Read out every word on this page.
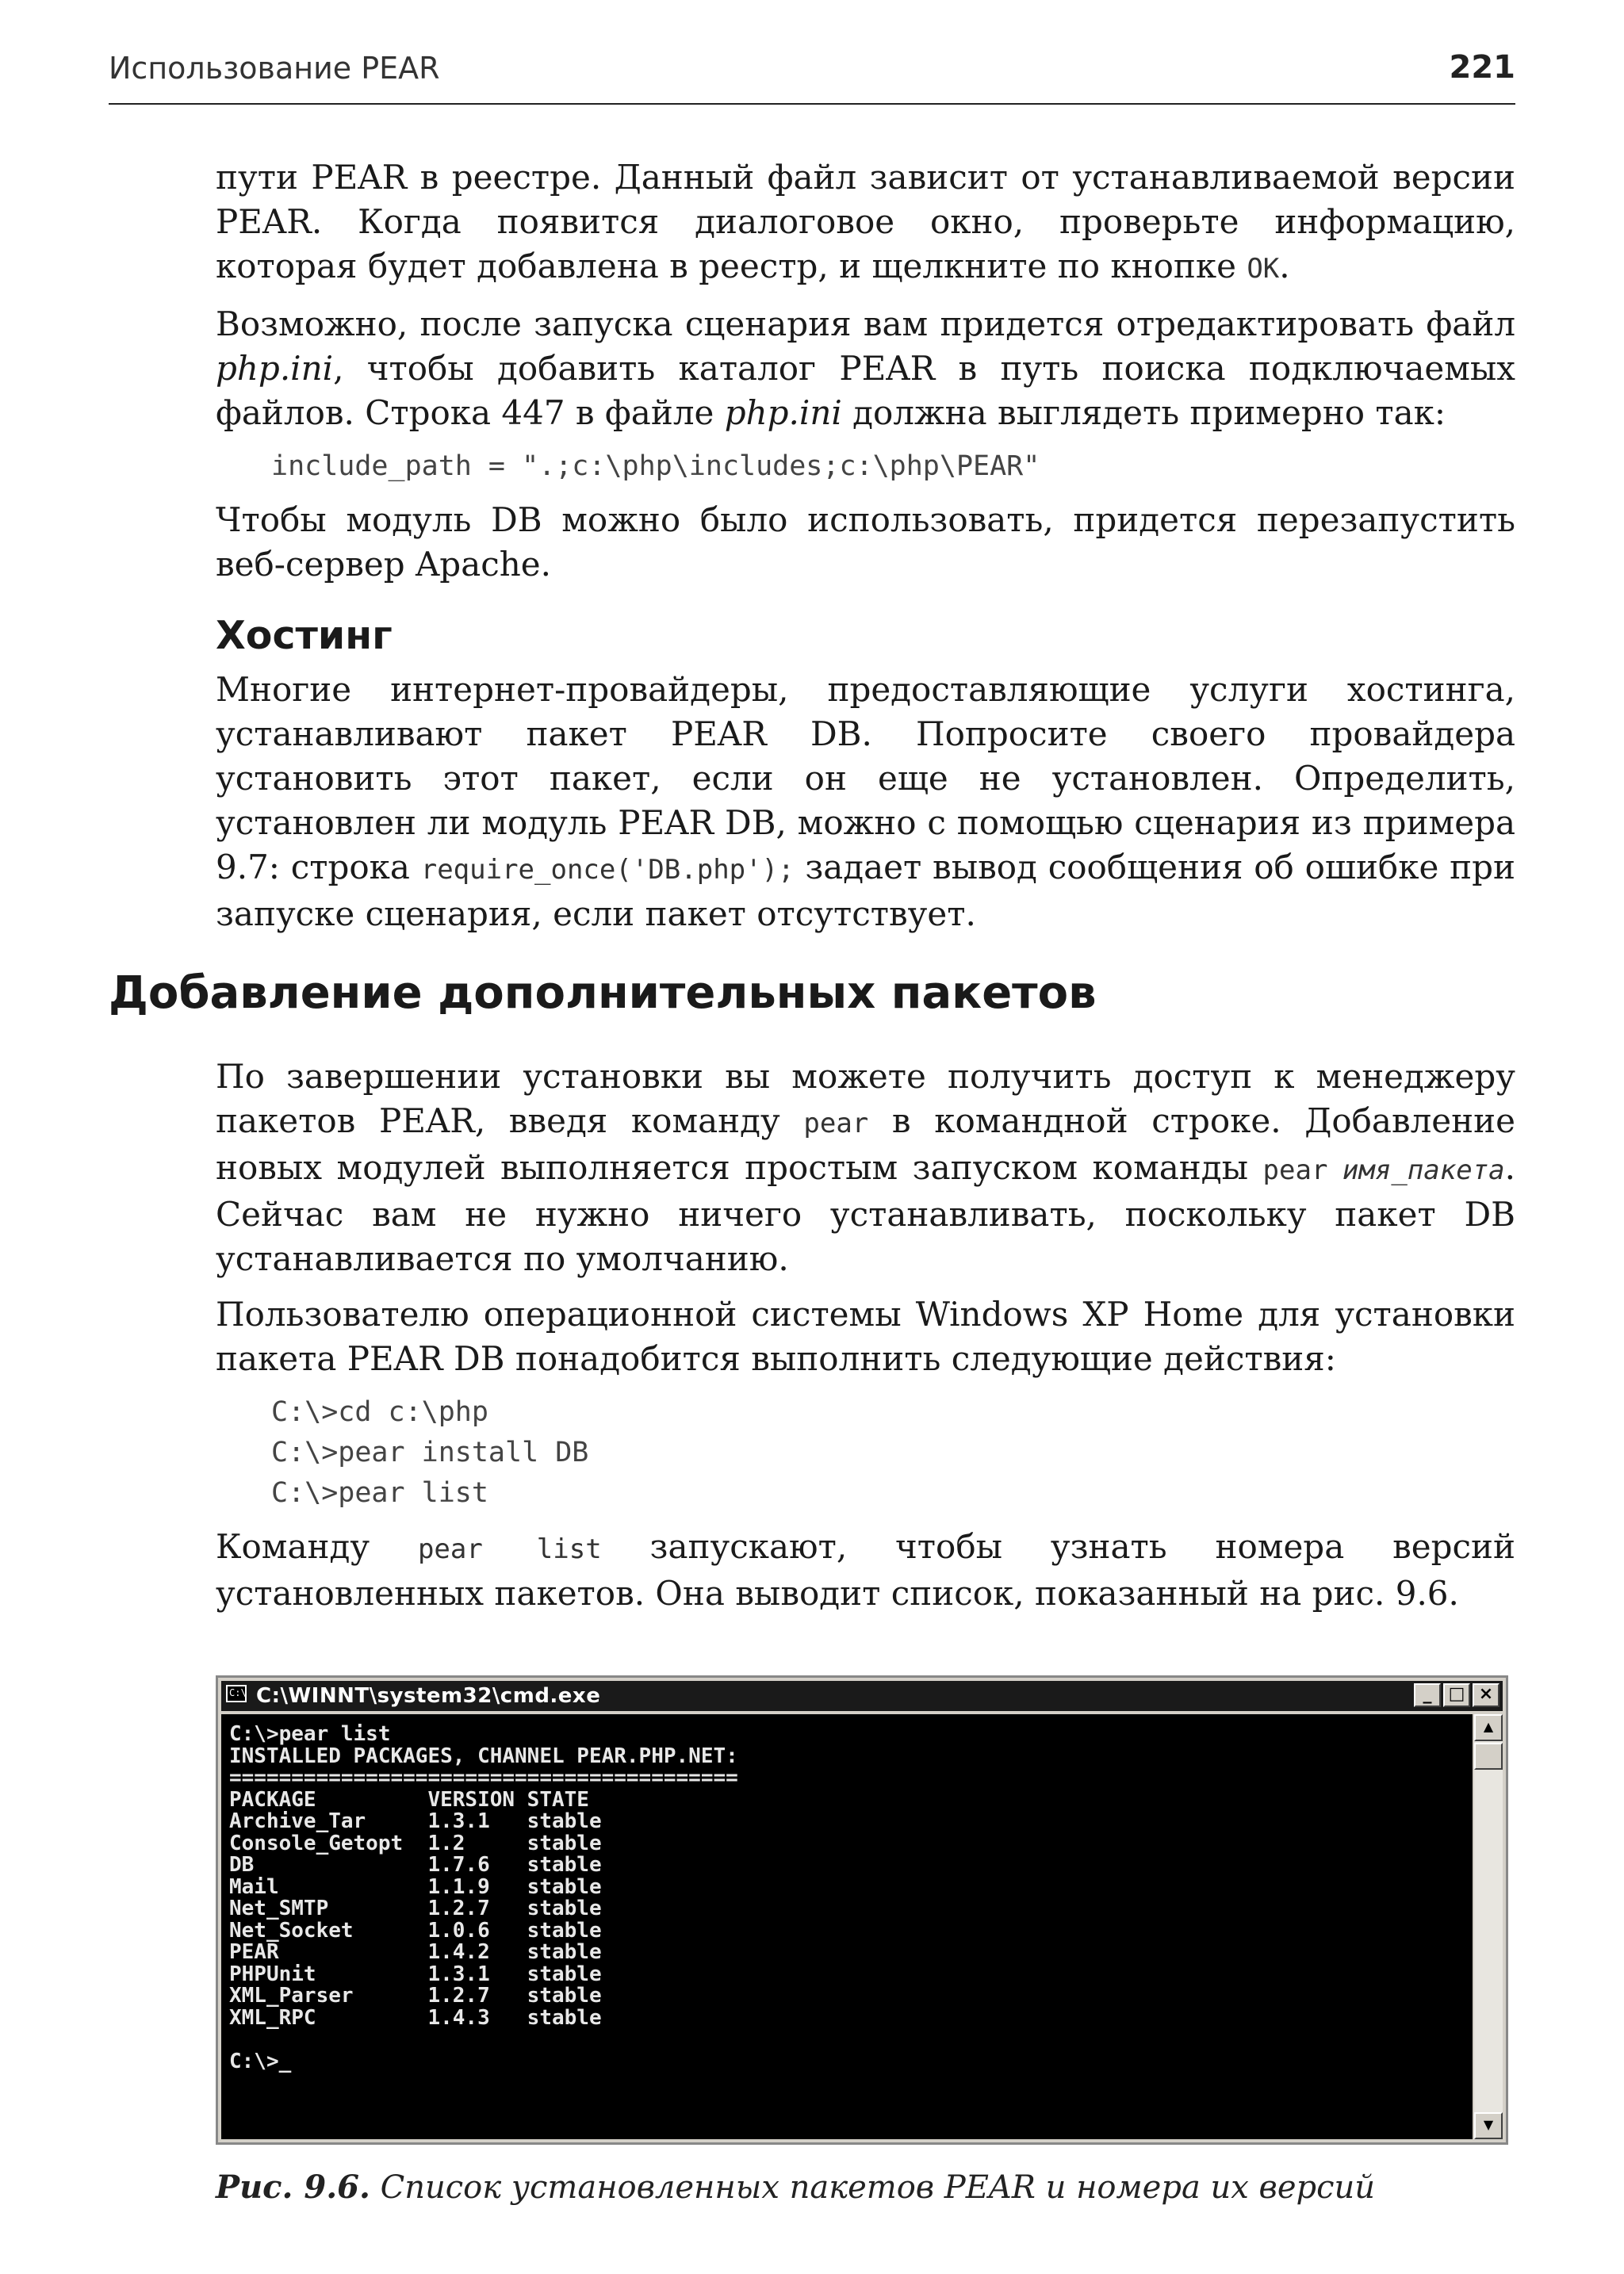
Использование PEAR	221

пути PEAR в реестре. Данный файл зависит от устанавливаемой версии PEAR. Когда появится диалоговое окно, проверьте информацию, которая будет добавлена в реестр, и щелкните по кнопке OK.

Возможно, после запуска сценария вам придется отредактировать файл php.ini, чтобы добавить каталог PEAR в путь поиска подключаемых файлов. Строка 447 в файле php.ini должна выглядеть примерно так:

include_path = ".;c:\php\includes;c:\php\PEAR"

Чтобы модуль DB можно было использовать, придется перезапустить веб-сервер Apache.

Хостинг

Многие интернет-провайдеры, предоставляющие услуги хостинга, устанавливают пакет PEAR DB. Попросите своего провайдера установить этот пакет, если он еще не установлен. Определить, установлен ли модуль PEAR DB, можно с помощью сценария из примера 9.7: строка require_once('DB.php'); задает вывод сообщения об ошибке при запуске сценария, если пакет отсутствует.

Добавление дополнительных пакетов

По завершении установки вы можете получить доступ к менеджеру пакетов PEAR, введя команду pear в командной строке. Добавление новых модулей выполняется простым запуском команды pear имя_пакета. Сейчас вам не нужно ничего устанавливать, поскольку пакет DB устанавливается по умолчанию.

Пользователю операционной системы Windows XP Home для установки пакета PEAR DB понадобится выполнить следующие действия:

C:\>cd c:\php
C:\>pear install DB
C:\>pear list

Команду pear list запускают, чтобы узнать номера версий установленных пакетов. Она выводит список, показанный на рис. 9.6.

C:\ C:\WINNT\system32\cmd.exe	_ □ ×
C:\>pear list
INSTALLED PACKAGES, CHANNEL PEAR.PHP.NET:
=========================================
PACKAGE         VERSION STATE
Archive_Tar     1.3.1   stable
Console_Getopt  1.2     stable
DB              1.7.6   stable
Mail            1.1.9   stable
Net_SMTP        1.2.7   stable
Net_Socket      1.0.6   stable
PEAR            1.4.2   stable
PHPUnit         1.3.1   stable
XML_Parser      1.2.7   stable
XML_RPC         1.4.3   stable

C:\>_
▲
▼
Рис. 9.6. Список установленных пакетов PEAR и номера их версий
